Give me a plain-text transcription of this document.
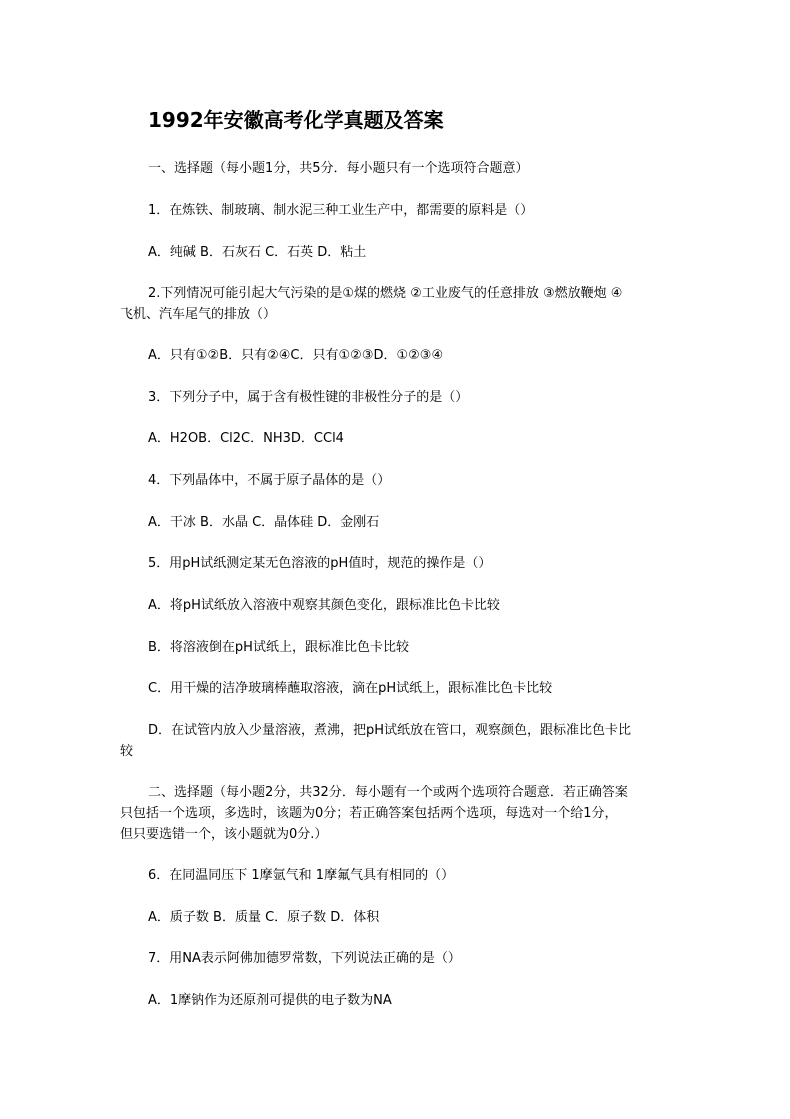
1992年安徽高考化学真题及答案
一、选择题（每小题1分，共5分．每小题只有一个选项符合题意）
1．在炼铁、制玻璃、制水泥三种工业生产中，都需要的原料是（）
A．纯碱 B．石灰石 C．石英 D．粘土
2.下列情况可能引起大气污染的是①煤的燃烧 ②工业废气的任意排放 ③燃放鞭炮 ④
飞机、汽车尾气的排放（）
A．只有①②B．只有②④C．只有①②③D．①②③④
3．下列分子中，属于含有极性键的非极性分子的是（）
A．H2OB．Cl2C．NH3D．CCl4
4．下列晶体中，不属于原子晶体的是（）
A．干冰 B．水晶 C．晶体硅 D．金刚石
5．用pH试纸测定某无色溶液的pH值时，规范的操作是（）
A．将pH试纸放入溶液中观察其颜色变化，跟标准比色卡比较
B．将溶液倒在pH试纸上，跟标准比色卡比较
C．用干燥的洁净玻璃棒蘸取溶液，滴在pH试纸上，跟标准比色卡比较
D．在试管内放入少量溶液，煮沸，把pH试纸放在管口，观察颜色，跟标准比色卡比
较
二、选择题（每小题2分，共32分．每小题有一个或两个选项符合题意．若正确答案
只包括一个选项，多选时，该题为0分；若正确答案包括两个选项，每选对一个给1分，
但只要选错一个，该小题就为0分.）
6．在同温同压下 1摩氩气和 1摩氟气具有相同的（）
A．质子数 B．质量 C．原子数 D．体积
7．用NA表示阿佛加德罗常数，下列说法正确的是（）
A．1摩钠作为还原剂可提供的电子数为NA
